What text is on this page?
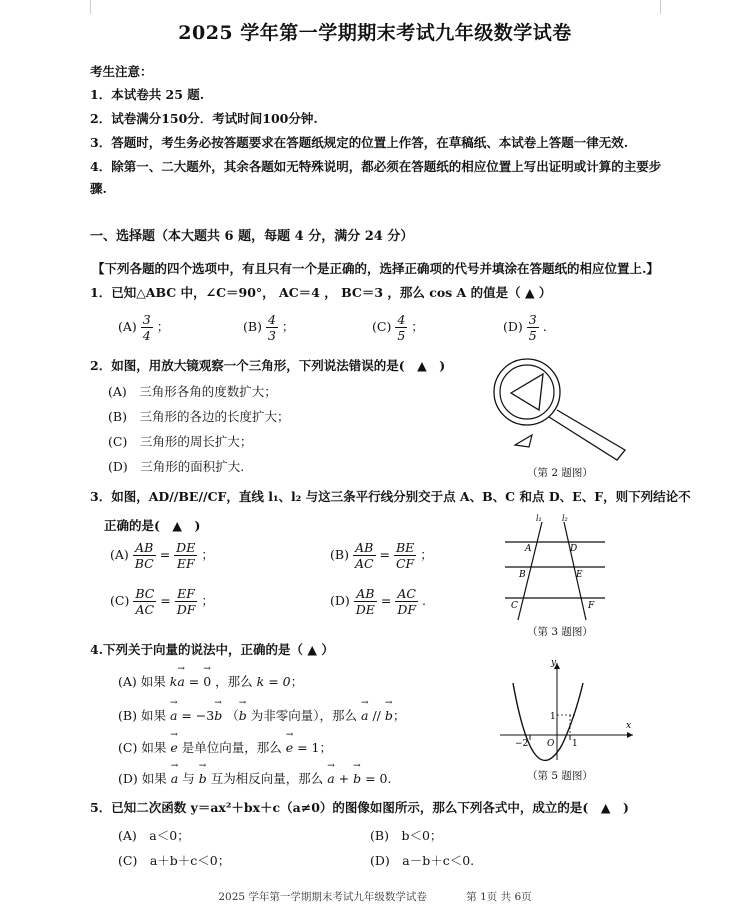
2025 学年第一学期期末考试九年级数学试卷
考生注意：
1．本试卷共 25 题.
2．试卷满分150分．考试时间100分钟.
3．答题时，考生务必按答题要求在答题纸规定的位置上作答，在草稿纸、本试卷上答题一律无效.
4．除第一、二大题外，其余各题如无特殊说明，都必须在答题纸的相应位置上写出证明或计算的主要步骤.
一、选择题（本大题共 6 题，每题 4 分，满分 24 分）
【下列各题的四个选项中，有且只有一个是正确的，选择正确项的代号并填涂在答题纸的相应位置上.】
1．已知△ABC 中，∠C＝90°， AC＝4 ， BC＝3 ，那么 cos A 的值是（ ▲ ）
$(A) \frac{3}{4}$ ；	$(B) \frac{4}{3}$ ；	$(C) \frac{4}{5}$ ；	$(D) \frac{3}{5}$ .
2．如图，用放大镜观察一个三角形，下列说法错误的是(　▲　)
(A)　三角形各角的度数扩大；
(B)　三角形的各边的长度扩大；
(C)　三角形的周长扩大；
(D)　三角形的面积扩大.	（第 2 题图）
3．如图，AD//BE//CF，直线 l₁、l₂ 与这三条平行线分别交于点 A、B、C 和点 D、E、F，则下列结论不
正确的是(　▲　)
$(A) \frac{AB}{BC} = \frac{DE}{EF}$ ；	$(B) \frac{AB}{AC} = \frac{BE}{CF}$ ；
$(C) \frac{BC}{AC} = \frac{EF}{DF}$ ；	$(D) \frac{AB}{DE} = \frac{AC}{DF}$ .
l₁	l₂
A
B
C
D
E
F
（第 3 题图）
4.下列关于向量的说法中，正确的是（ ▲ ）
(A) 如果 k→ a = → 0 ，那么 k = 0；
(B) 如果 → a = −3→ b （→ b 为非零向量），那么 → a // → b；
(C) 如果 → e 是单位向量，那么 → e = 1；
(D) 如果 → a 与 → b 互为相反向量，那么 → a + → b = 0.
y
x
1
−2 O 1
（第 5 题图）
5．已知二次函数 y＝ax²＋bx＋c（a≠0）的图像如图所示，那么下列各式中，成立的是(　▲　)
(A)　a＜0；	(B)　b＜0；
(C)　a＋b＋c＜0；	(D)　a－b＋c＜0.
2025 学年第一学期期末考试九年级数学试卷	第 1页 共 6页
